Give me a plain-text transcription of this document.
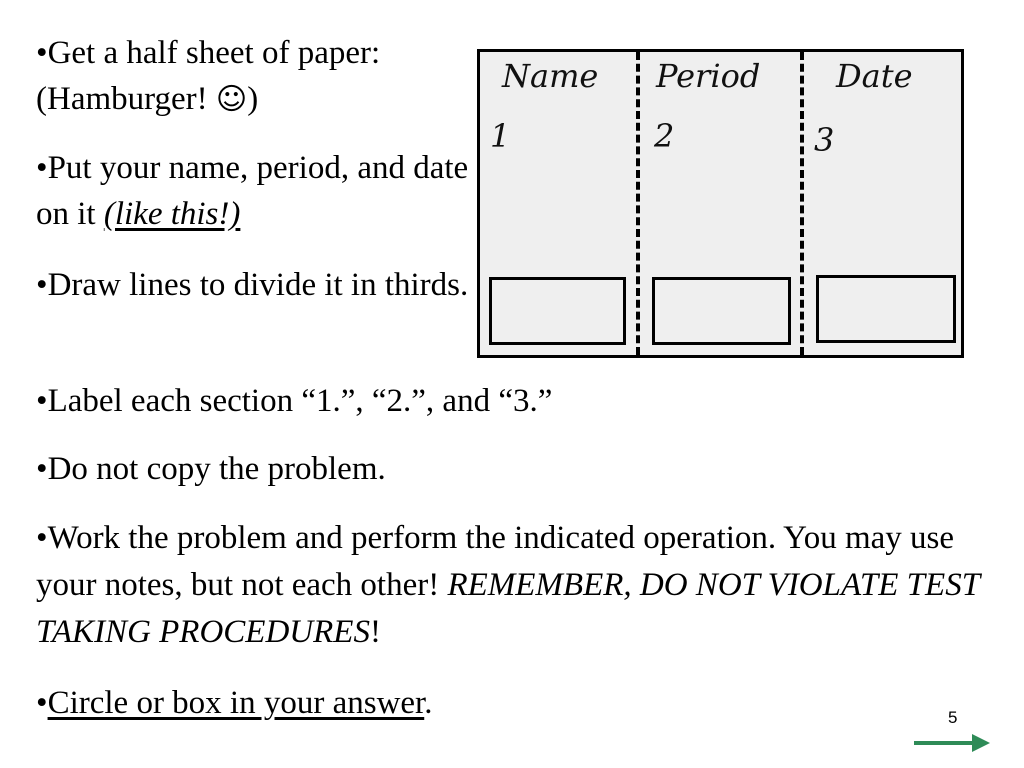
•Get a half sheet of paper:
(Hamburger! ☺)
•Put your name, period, and date on it (like this!)
•Draw lines to divide it in thirds.
Name Period Date
1	2	3
•Label each section “1.”, “2.”, and “3.”
•Do not copy the problem.
•Work the problem and perform the indicated operation. You may use your notes, but not each other! REMEMBER, DO NOT VIOLATE TEST TAKING PROCEDURES!
•Circle or box in your answer.	5
